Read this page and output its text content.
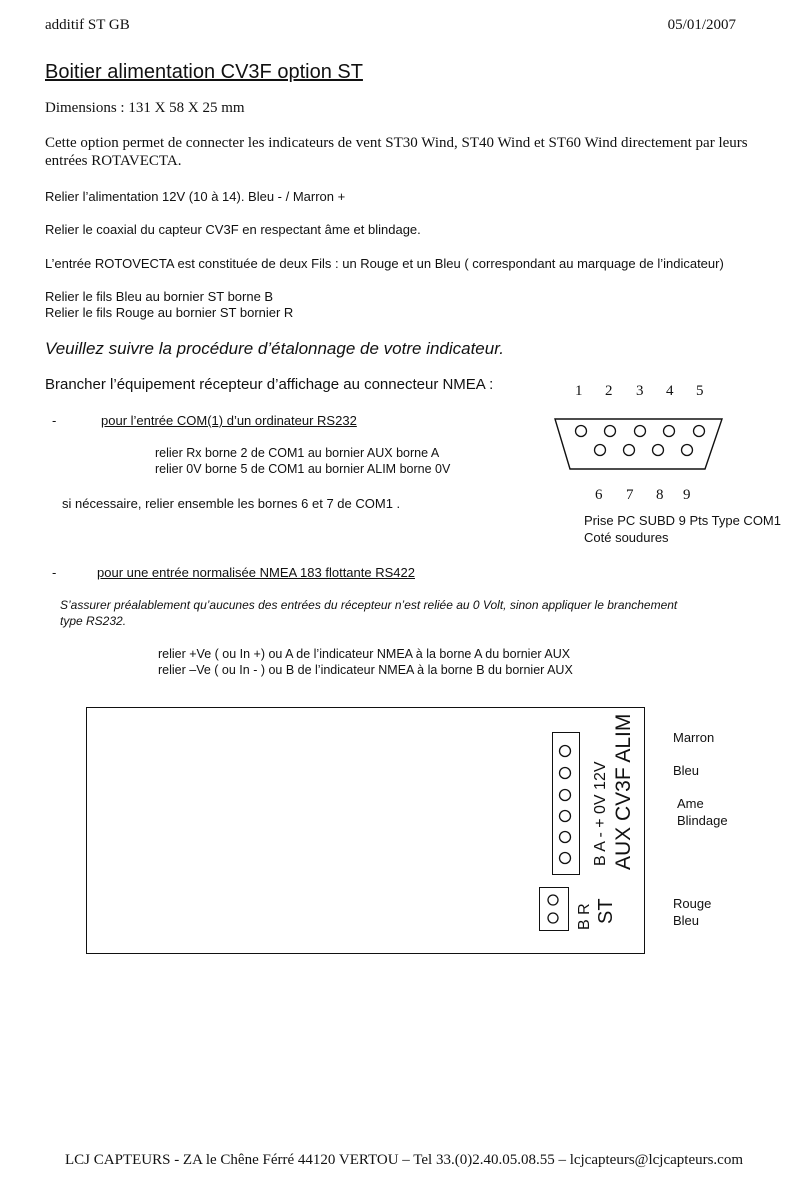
additif ST GB	05/01/2007
Boitier alimentation CV3F option ST
Dimensions : 131 X 58 X 25 mm
Cette option permet de connecter les indicateurs de vent ST30 Wind, ST40 Wind et ST60 Wind directement par leurs
entrées ROTAVECTA.
Relier l’alimentation 12V (10 à 14). Bleu - / Marron +
Relier le coaxial du capteur CV3F en respectant âme et blindage.
L’entrée ROTOVECTA est constituée de deux Fils : un Rouge et un Bleu ( correspondant au marquage de l’indicateur)
Relier le fils Bleu au bornier ST borne B
Relier le fils Rouge au bornier ST bornier R
Veuillez suivre la procédure d’étalonnage de votre indicateur.
Brancher l’équipement récepteur d’affichage au connecteur NMEA :
-	pour l’entrée COM(1) d’un ordinateur RS232
relier Rx borne 2 de COM1 au bornier AUX borne A
relier 0V borne 5 de COM1 au bornier ALIM borne 0V
si nécessaire, relier ensemble les bornes 6 et 7 de COM1 .
1 2 3 4 5
6 7 8 9
Prise PC SUBD 9 Pts Type COM1
Coté soudures
-	pour une entrée normalisée NMEA 183 flottante RS422
S’assurer préalablement qu’aucunes des entrées du récepteur n’est reliée au 0 Volt, sinon appliquer le branchement
type RS232.
relier +Ve ( ou In +) ou A de l’indicateur NMEA à la borne A du bornier AUX
relier –Ve ( ou In - ) ou B de l’indicateur NMEA à la borne B du bornier AUX
B A - + 0V 12V AUX CV3F ALIM
B R ST
Marron
Bleu
Ame
Blindage
Rouge
Bleu
LCJ CAPTEURS - ZA le Chêne Férré 44120 VERTOU – Tel 33.(0)2.40.05.08.55 – lcjcapteurs@lcjcapteurs.com
